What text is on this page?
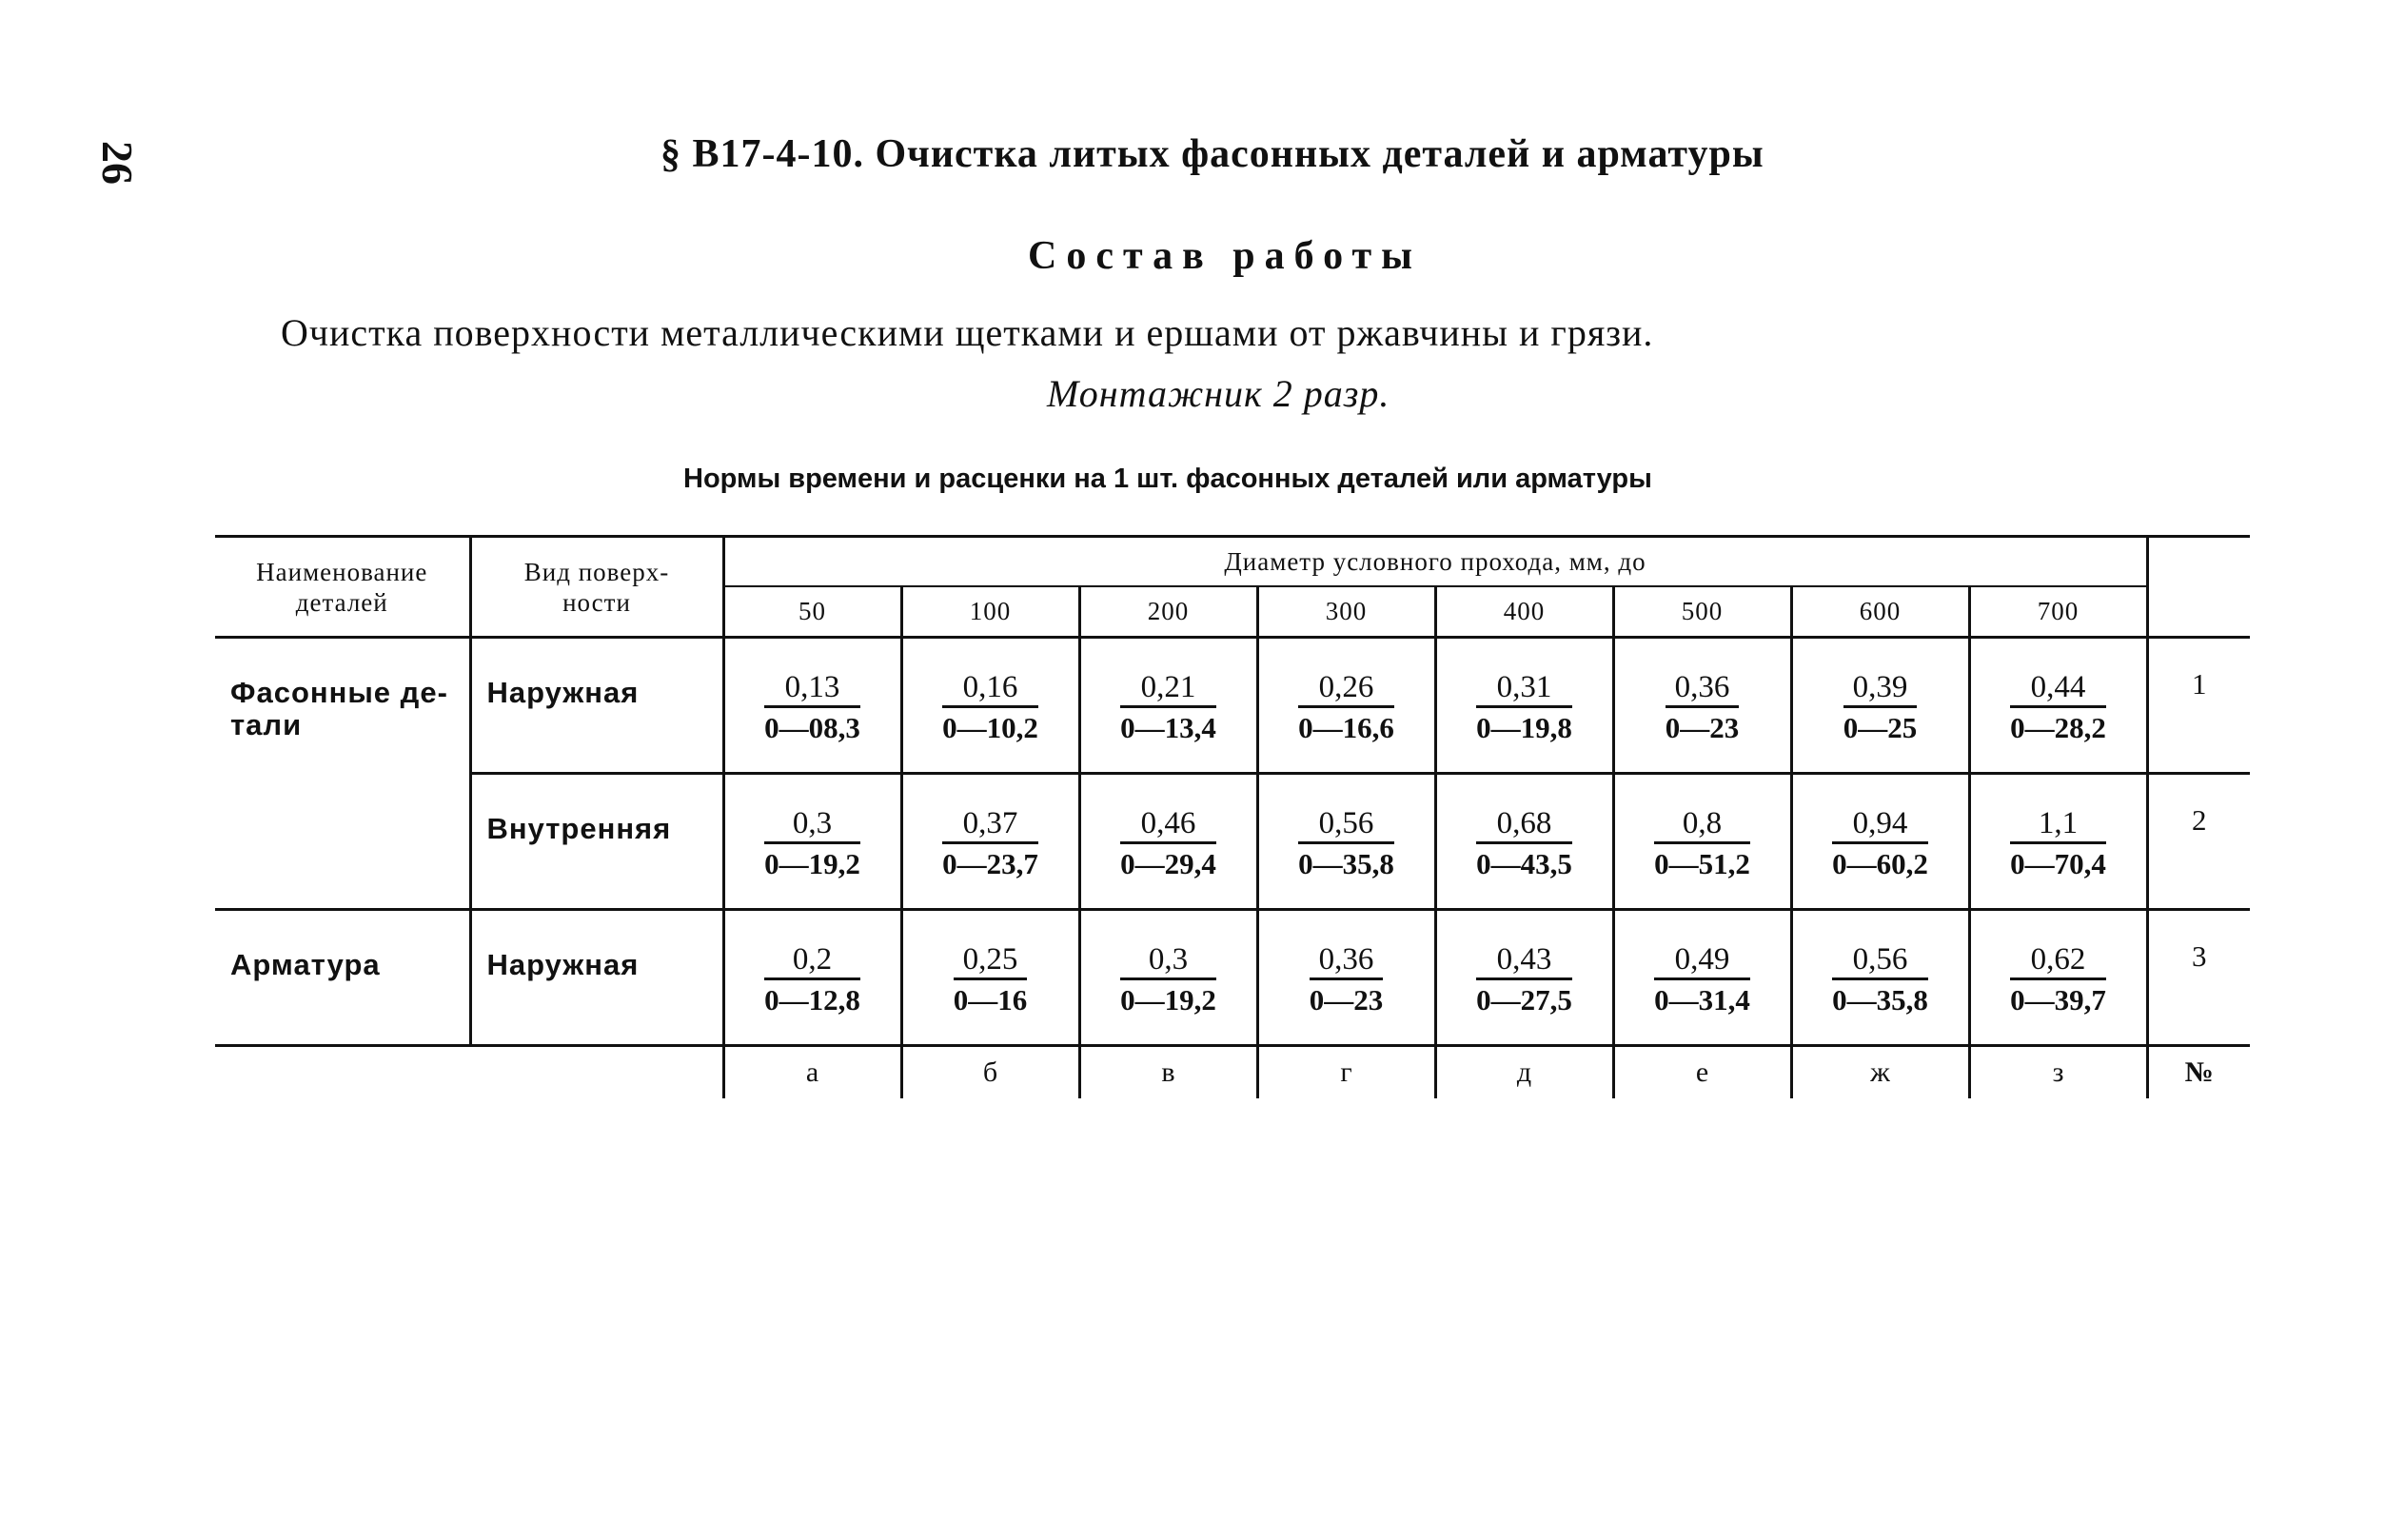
26	§ B17-4-10. Очистка литых фасонных деталей и арматуры
Состав работы
Очистка поверхности металлическими щетками и ершами от ржавчины и грязи.
Монтажник 2 разр.
Нормы времени и расценки на 1 шт. фасонных деталей или арматуры
Наименование деталей	Вид поверх-ности	Диаметр условного прохода, мм, до								
		50	100	200	300	400	500	600	700	

Фасонные де-тали	Наружная	$\frac{0,13}{0—08,3}$	$\frac{0,16}{0—10,2}$	$\frac{0,21}{0—13,4}$	$\frac{0,26}{0—16,6}$	$\frac{0,31}{0—19,8}$	$\frac{0,36}{0—23}$	$\frac{0,39}{0—25}$	$\frac{0,44}{0—28,2}$	1
	Внутренняя	$\frac{0,3}{0—19,2}$	$\frac{0,37}{0—23,7}$	$\frac{0,46}{0—29,4}$	$\frac{0,56}{0—35,8}$	$\frac{0,68}{0—43,5}$	$\frac{0,8}{0—51,2}$	$\frac{0,94}{0—60,2}$	$\frac{1,1}{0—70,4}$	2
Арматура	Наружная	$\frac{0,2}{0—12,8}$	$\frac{0,25}{0—16}$	$\frac{0,3}{0—19,2}$	$\frac{0,36}{0—23}$	$\frac{0,43}{0—27,5}$	$\frac{0,49}{0—31,4}$	$\frac{0,56}{0—35,8}$	$\frac{0,62}{0—39,7}$	3
		а	б	в	г	д	е	ж	з	№
